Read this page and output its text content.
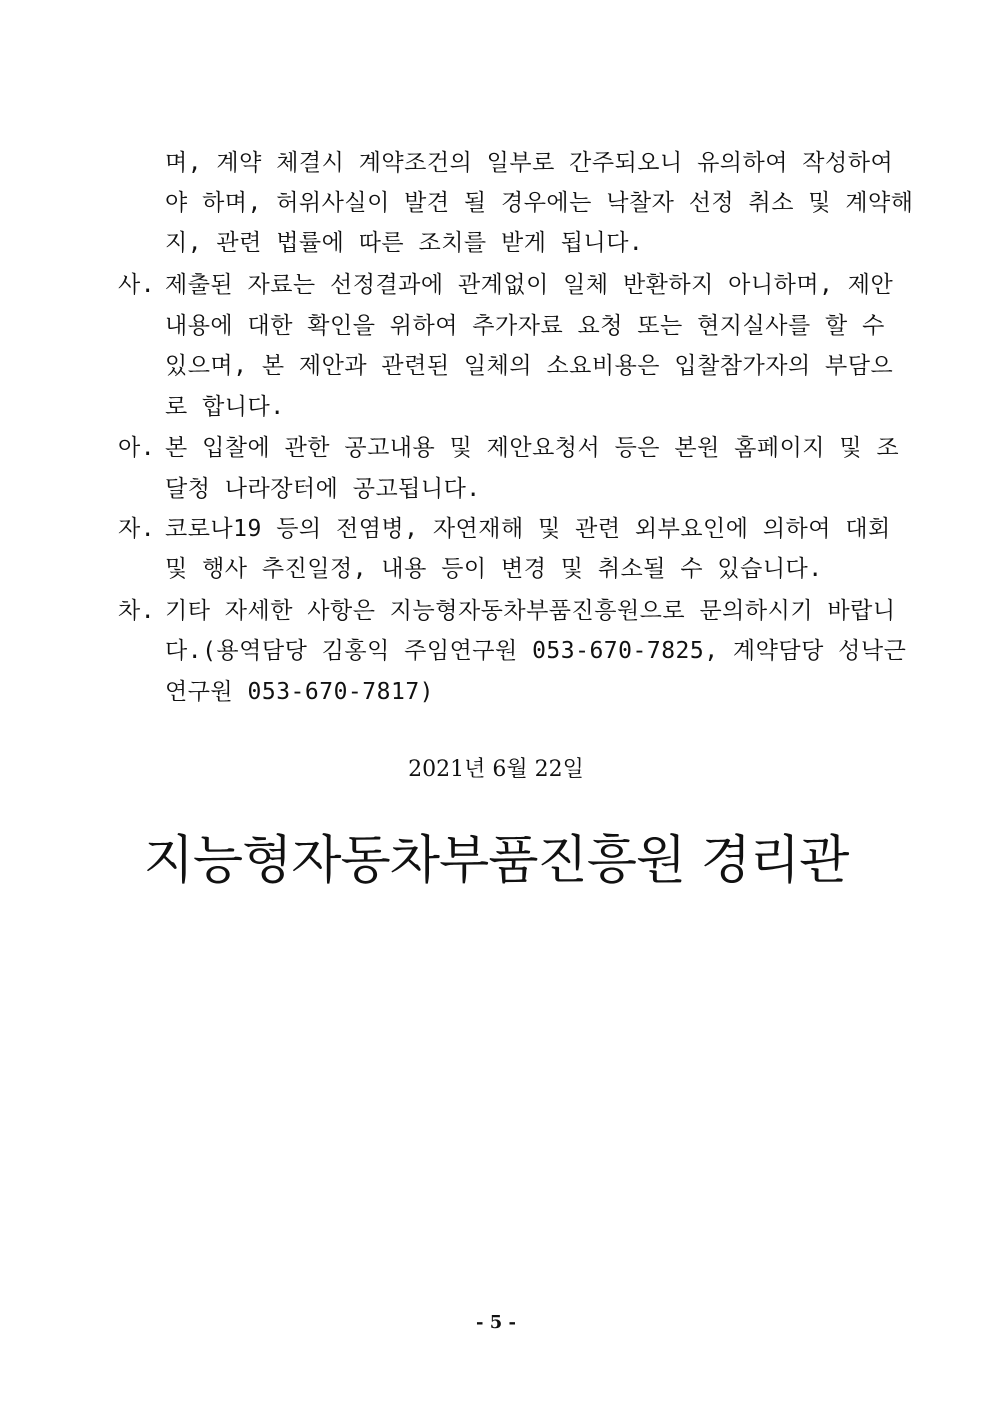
며, 계약 체결시 계약조건의 일부로 간주되오니 유의하여 작성하여
야 하며, 허위사실이 발견 될 경우에는 낙찰자 선정 취소 및 계약해
지, 관련 법률에 따른 조치를 받게 됩니다.
사. 제출된 자료는 선정결과에 관계없이 일체 반환하지 아니하며, 제안
내용에 대한 확인을 위하여 추가자료 요청 또는 현지실사를 할 수
있으며, 본 제안과 관련된 일체의 소요비용은 입찰참가자의 부담으
로 합니다.
아. 본 입찰에 관한 공고내용 및 제안요청서 등은 본원 홈페이지 및 조
달청 나라장터에 공고됩니다.
자. 코로나19 등의 전염병, 자연재해 및 관련 외부요인에 의하여 대회
및 행사 추진일정, 내용 등이 변경 및 취소될 수 있습니다.
차. 기타 자세한 사항은 지능형자동차부품진흥원으로 문의하시기 바랍니
다.(용역담당 김홍익 주임연구원 053-670-7825, 계약담당 성낙근
연구원 053-670-7817)
2021년 6월 22일
지능형자동차부품진흥원 경리관
- 5 -
